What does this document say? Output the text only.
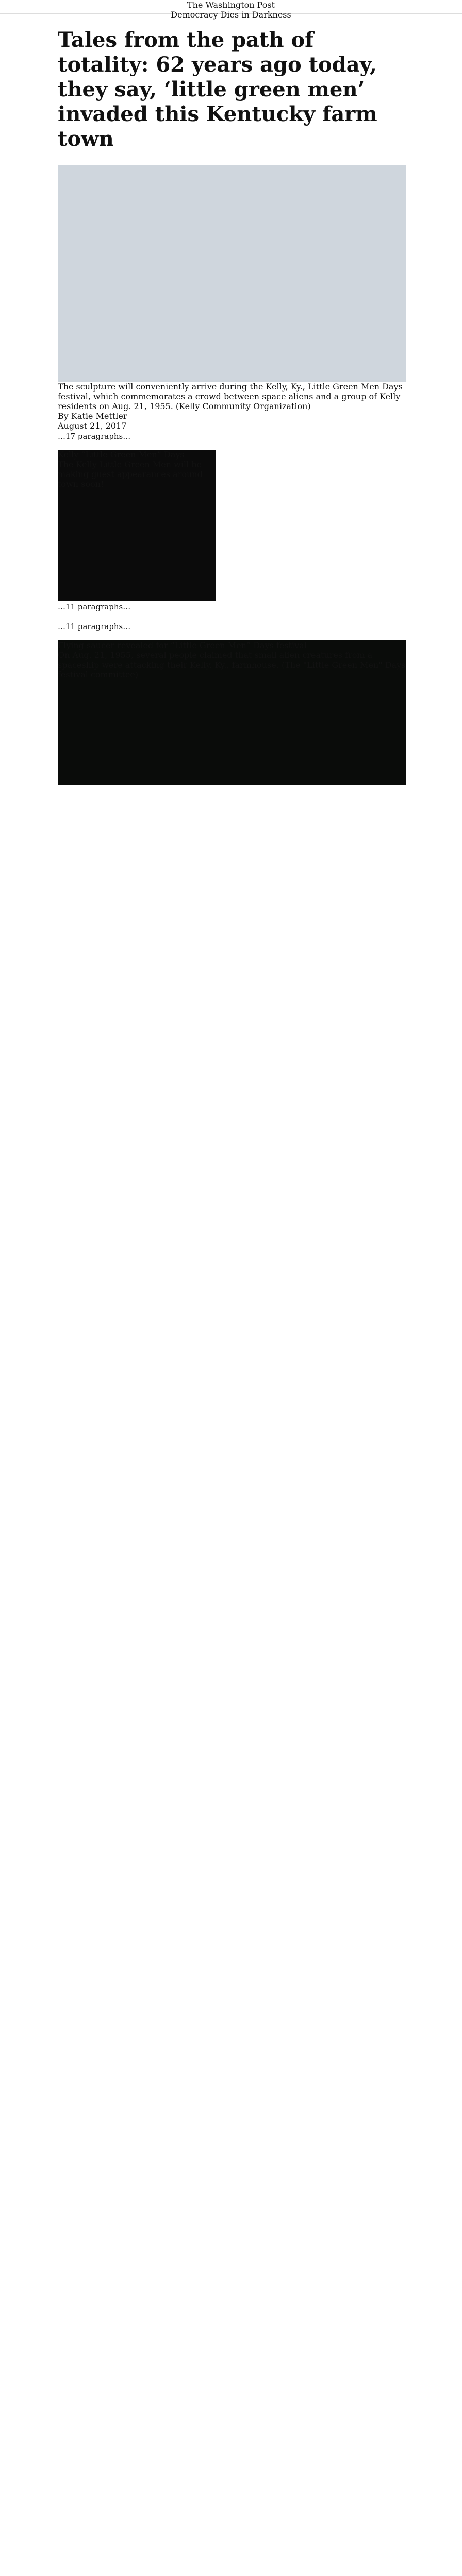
The Washington Post
Democracy Dies in Darkness
Tales from the path of totality: 62 years ago today, they say, ‘little green men’ invaded this Kentucky farm town
The sculpture will conveniently arrive during the Kelly, Ky., Little Green Men Days festival, which commemorates a crowd between space aliens and a group of Kelly residents on Aug. 21, 1955. (Kelly Community Organization)
By Katie Mettler
August 21, 2017

…17 paragraphs…

Kelly “Little Green Men” Days
The Kelly Little Green Men will be making guest appearances around town soon!

…11 paragraphs…

…11 paragraphs…

Flying saucer revealed for “Little Green Men” Days festival
On Aug. 21, 1955, several people claimed that small alien creatures from a spaceship were attacking their Kelly, Ky., farmhouse. (The "Little Green Men" Days festival committee)
